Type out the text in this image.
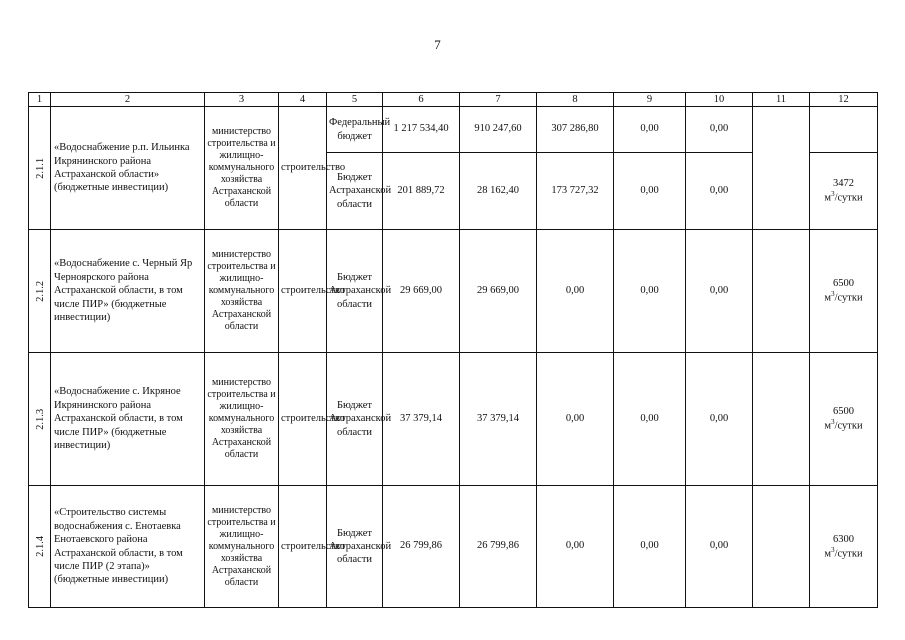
7
1	2	3	4	5	6	7	8	9	10	11	12
2.1.1	«Водоснабжение р.п. Ильинка Икрянинского района Астраханской области» (бюджетные инвестиции)	министерство строительства и жилищно-коммунального хозяйства Астраханской области	строительство	Федеральный бюджет	1 217 534,40	910 247,60	307 286,80	0,00	0,00		
				Бюджет Астраханской области	201 889,72	28 162,40	173 727,32	0,00	0,00		3472
$м^3$/сутки
2.1.2	«Водоснабжение с. Черный Яр Черноярского района Астраханской области, в том числе ПИР» (бюджетные инвестиции)	министерство строительства и жилищно-коммунального хозяйства Астраханской области	строительство	Бюджет Астраханской области	29 669,00	29 669,00	0,00	0,00	0,00		6500
$м^3$/сутки
2.1.3	«Водоснабжение с. Икряное Икрянинского района Астраханской области, в том числе ПИР» (бюджетные инвестиции)	министерство строительства и жилищно-коммунального хозяйства Астраханской области	строительство	Бюджет Астраханской области	37 379,14	37 379,14	0,00	0,00	0,00		6500
$м^3$/сутки
2.1.4	«Строительство системы водоснабжения с. Енотаевка Енотаевского района Астраханской области, в том числе ПИР (2 этапа)» (бюджетные инвестиции)	министерство строительства и жилищно-коммунального хозяйства Астраханской области	строительство	Бюджет Астраханской области	26 799,86	26 799,86	0,00	0,00	0,00		6300
$м^3$/сутки
